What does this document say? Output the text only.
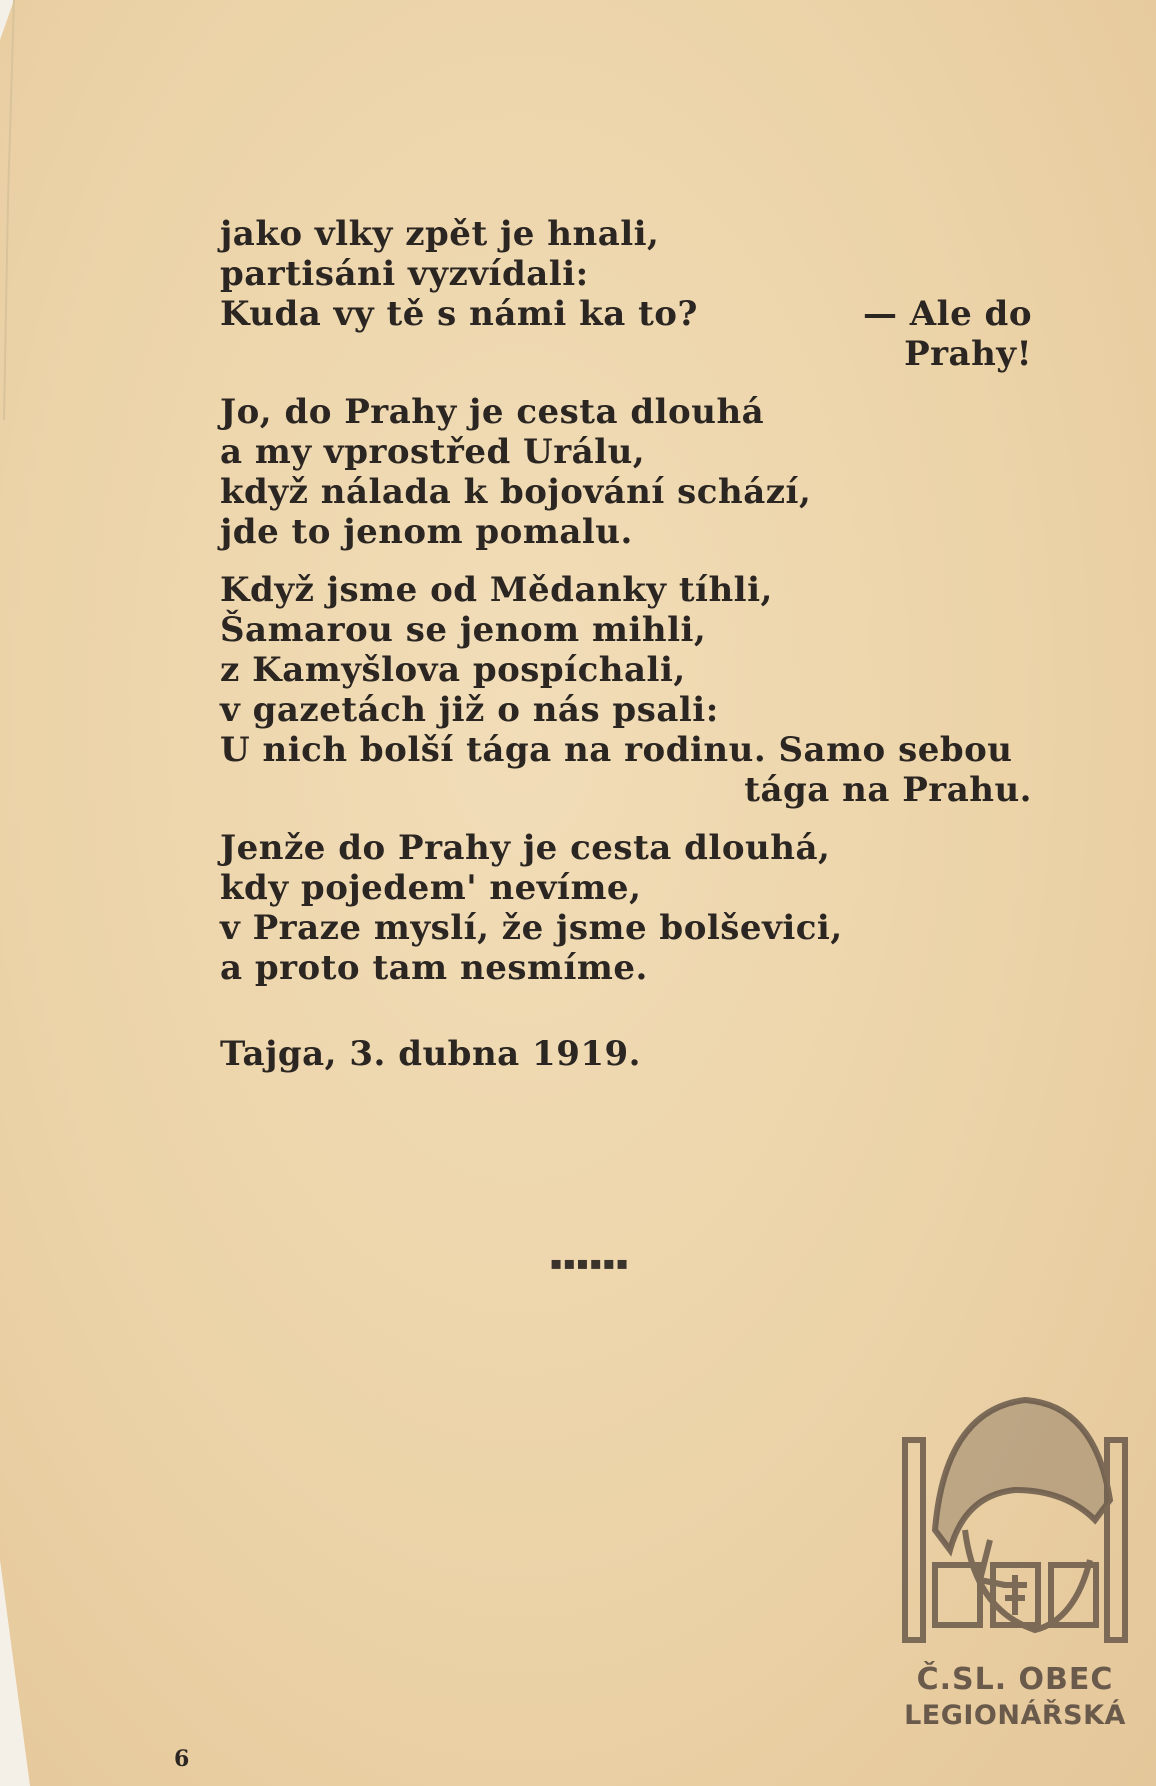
jako vlky zpět je hnali,
partisáni vyzvídali:
Kuda vy tě s námi ka to?	— Ale do
Prahy!
Jo, do Prahy je cesta dlouhá
a my vprostřed Urálu,
když nálada k bojování schází,
jde to jenom pomalu.
Když jsme od Mědanky tíhli,
Šamarou se jenom mihli,
z Kamyšlova pospíchali,
v gazetách již o nás psali:
U nich bolší tága na rodinu. Samo sebou
tága na Prahu.
Jenže do Prahy je cesta dlouhá,
kdy pojedem' nevíme,
v Praze myslí, že jsme bolševici,
a proto tam nesmíme.
Tajga, 3. dubna 1919.
▪▪▪▪▪▪
6
Č.SL. OBEC
LEGIONÁŘSKÁ
